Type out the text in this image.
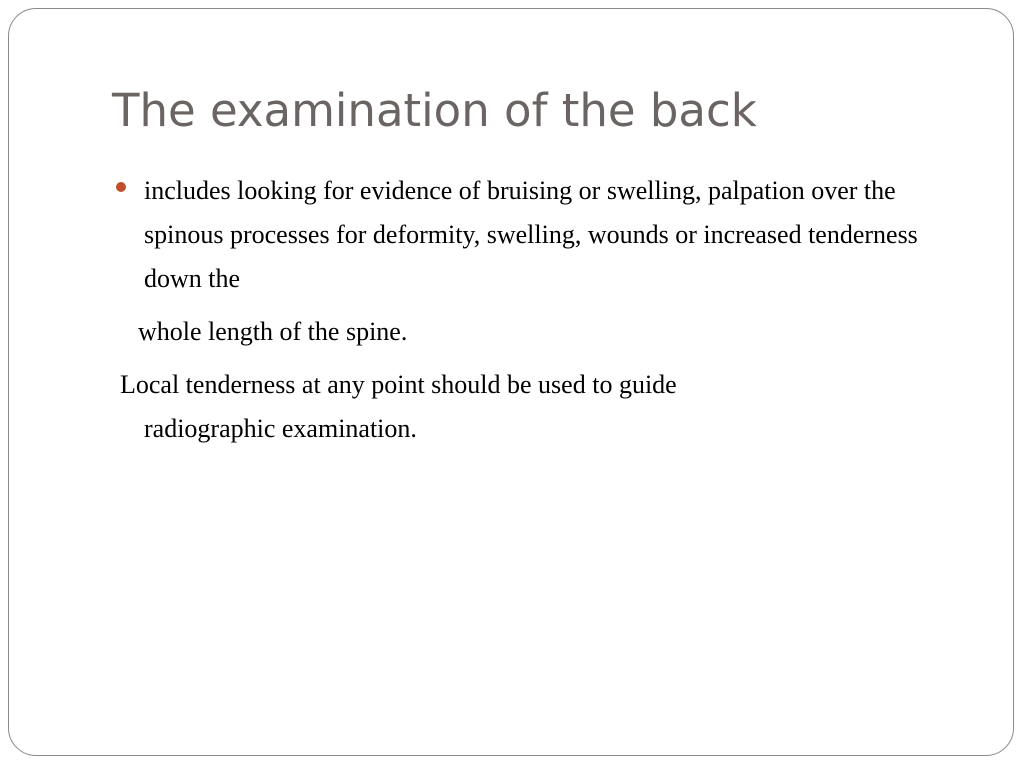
The examination of the back
includes looking for evidence of bruising or swelling, palpation over the spinous processes for deformity, swelling, wounds or increased tenderness down the
whole length of the spine.
Local tenderness at any point should be used to guide
radiographic examination.
